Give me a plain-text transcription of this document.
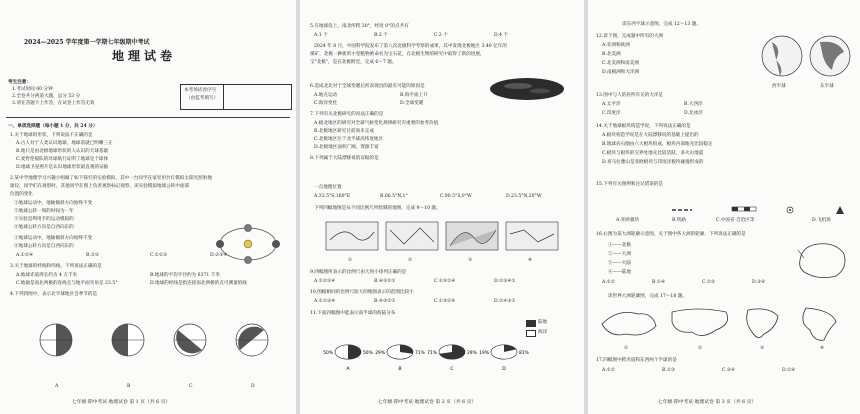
2024—2025 学年度第一学期七年级期中考试
地理试卷
考生注意：
1.考试时间 60 分钟
2.全卷共分两道大题，总分 53 分
3.请在答题卡上作答，在试卷上作答无效
本考场试卷序号
（由监考填写）
一、单项选择题（每小题 1 分，共 24 分）
1.关于地球的形状，下列说法不正确的是
A.古人对于人类认识地球，地球前就已明晰三正
B.地只是由北极地球形状的人认识的天球基础
C.麦哲伦船队的环球航行证明了地球是个球体
D.地球卫星照片是认识地球形状最直观的证据
2.某中学地理学习兴趣小组做了如下探究的实验模拟，其中一台同学在家里用台灯模拟太阳光照射地
球仪，同学们在观察时，其他同学在图上负责观察标记观察，该实验模拟地球公转中面部
位置的变化
①地球运动中，地轴倾斜方向始终不变
②地球公转一周的时间为一年
③实验是利用手的运动模拟的
④地球公转方向是自西向东的
①地球运动中，地轴倾斜方向始终不变
④地球公转方向是自西向东的
A.①②④	B.②③	C.①②③	D.②③④
3.关于地球的经线和纬线，下列说法正确的是
A.地球赤道周长约为 4 万千米	B.地球的平均半径约为 6371 千米
C.地轴是南北两极的连线且与地平面夹角是 23.5°	D.地球的经线是指连接南北两极的点可测量的线
4.下列四图中，表示北半球地区会季节的是
A	B	C	D
七年级·期中考试·地理试卷 第 1 页（共 6 页）
5.在地球仪上，南北所跨 30°，经度 0°的点共有
A.1 个	B.2 个	C.3 个	D.4 个
2024 年 8 月，中国科学院发布了第八次北极科学考察的成果，其中发现北极地区 3.40 亿年的
煤矿，北极一种新的小型植物被命名为宝石花，在北极生物的研究中取得了新的进展，
宝"北极"，是在北极附近，完成 6～7 题。
6.造成北北对于全球变暖后所表现出的最有可能的原因是
A.地壳运动	B.海平面上升
C.海洋变化	D.全球变暖
7.下列有关北极研究的说法正确的是
A.极北地区的研究对全球气候变化规律研究有重要的参考价值
B.北极地区研究目前尚未完成
C.北极地区位于北半球高纬度地区
D.北极地区面积广阔，资源丰富
8.下列属于大陆漂移说的证据的是
一点地理位置
A.33.5°S,160°E	B.66.5°N,1°	C.90.5°S,0°W	D.23.5°N,20°W
下列四幅地图是从不同比例尺所绘制的地图，完成 9～10 题。
①	②	③	④
9.四幅图所表示的比例尺由大到小排列正确的是
A.①②③④	B.④③②①	C.①③②④	D.②③④①
10.图幅相同的比例尺较大的地图表示的范围比较小
A.①②③④	B.④③②①	C.①③②④	D.②④③①
11.下面四幅图中能表示南半球的海陆分布
陆地
海洋
50%	50%
A
29%	71%
B
71%	29%
C
19%	81%
D
七年级·期中考试·地理试卷 第 2 页（共 6 页）
读东西半球示意图，完成 12～13 题。
12.读下图，完成题中所有的大洲
A.亚洲和欧洲
B.北美洲
C.北美洲和南美洲
D.南极洲和大洋洲
西半球	东半球
13.图中与人的居所有关的大洋是
A.太平洋	B.大西洋
C.印度洋	D.北冰洋
14.关于地球板块构造学说，下列说法正确的是
A.板块构造学说是在大陆漂移说的基础上提出的
B.地球岩石圈由六大板块组成，板块内部地壳比较稳定
C.板块与板块的交界处地壳比较活跃，多火山地震
D.喜马拉雅山是亚欧板块与印度洋板块碰撞形成的
15.下列有关图例和注记错误的是
A.亚欧板块	B.铁路	C.中国省·自治区等	D.飞机场
16.右图为某大洲轮廓示意图，关于图中各大洲的轮廓，下列说法正确的是
①——北极
②——大洲
③——大陆
④——陆地
A.①②	B.①④	C.②③	D.③④
读世界大洲轮廓图，完成 17～18 题。
①	②	③	④
17.四幅图中跨赤道和东西两个半球的是
A.①②	B.②③	C.③④	D.①④
七年级·期中考试·地理试卷 第 3 页（共 6 页）
